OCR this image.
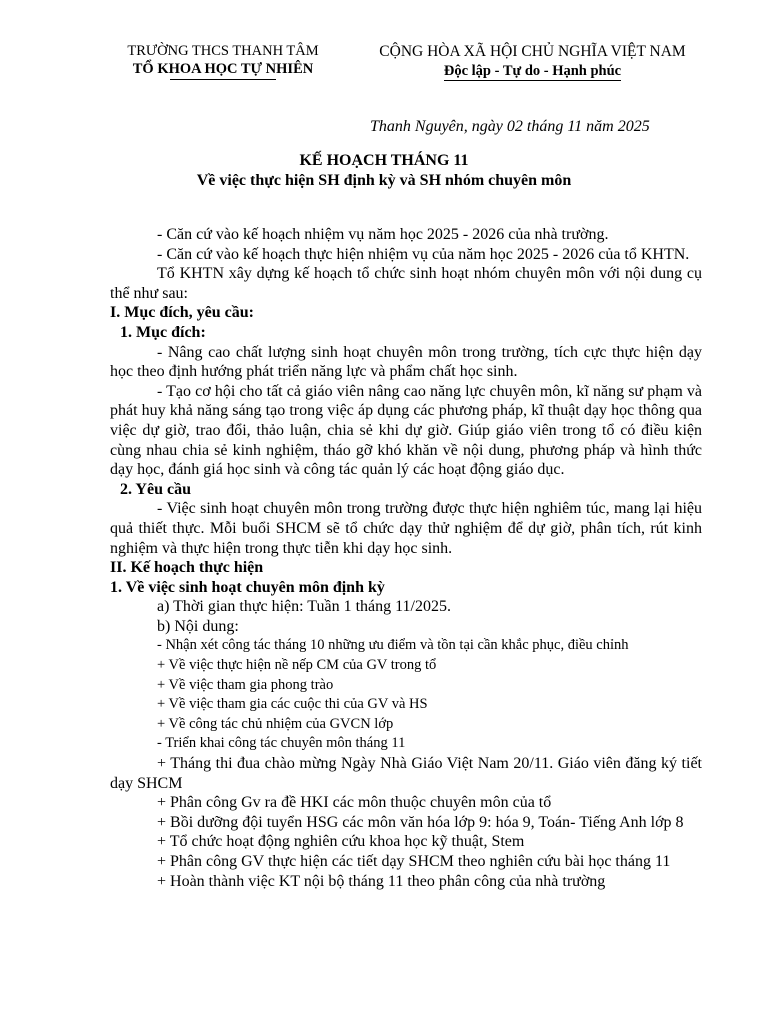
TRƯỜNG THCS THANH TÂM
TỔ KHOA HỌC TỰ NHIÊN
CỘNG HÒA XÃ HỘI CHỦ NGHĨA VIỆT NAM
Độc lập - Tự do - Hạnh phúc
Thanh Nguyên, ngày 02 tháng 11 năm 2025
KẾ HOẠCH THÁNG 11
Về việc thực hiện SH định kỳ và SH nhóm chuyên môn
- Căn cứ vào kế hoạch nhiệm vụ năm học 2025 - 2026 của nhà trường.
- Căn cứ vào kế hoạch thực hiện nhiệm vụ của năm học 2025 - 2026 của tổ KHTN.
Tổ KHTN xây dựng kế hoạch tổ chức sinh hoạt nhóm chuyên môn với nội dung cụ thể như sau:
I. Mục đích, yêu cầu:
1. Mục đích:
- Nâng cao chất lượng sinh hoạt chuyên môn trong trường, tích cực thực hiện dạy học theo định hướng phát triển năng lực và phẩm chất học sinh.
- Tạo cơ hội cho tất cả giáo viên nâng cao năng lực chuyên môn, kĩ năng sư phạm và phát huy khả năng sáng tạo trong việc áp dụng các phương pháp, kĩ thuật dạy học thông qua việc dự giờ, trao đổi, thảo luận, chia sẻ khi dự giờ. Giúp giáo viên trong tổ có điều kiện cùng nhau chia sẻ kinh nghiệm, tháo gỡ khó khăn về nội dung, phương pháp và hình thức dạy học, đánh giá học sinh và công tác quản lý các hoạt động giáo dục.
2. Yêu cầu
- Việc sinh hoạt chuyên môn trong trường được thực hiện nghiêm túc, mang lại hiệu quả thiết thực. Mỗi buổi SHCM sẽ tổ chức dạy thử nghiệm để dự giờ, phân tích, rút kinh nghiệm và thực hiện trong thực tiễn khi dạy học sinh.
II. Kế hoạch thực hiện
1. Về việc sinh hoạt chuyên môn định kỳ
a) Thời gian thực hiện: Tuần 1 tháng 11/2025.
b) Nội dung:
- Nhận xét công tác tháng 10 những ưu điểm và tồn tại cần khắc phục, điều chỉnh
+ Về việc thực hiện nề nếp CM của GV trong tổ
+ Về việc tham gia phong trào
+ Về việc tham gia các cuộc thi của GV và HS
+ Về công tác chủ nhiệm của GVCN lớp
- Triển khai công tác chuyên môn tháng 11
+ Tháng thi đua chào mừng Ngày Nhà Giáo Việt Nam 20/11. Giáo viên đăng ký tiết dạy SHCM
+ Phân công Gv ra đề HKI các môn thuộc chuyên môn của tổ
+ Bồi dưỡng đội tuyển HSG các môn văn hóa lớp 9: hóa 9, Toán- Tiếng Anh lớp 8
+ Tổ chức hoạt động nghiên cứu khoa học kỹ thuật, Stem
+ Phân công GV thực hiện các tiết dạy SHCM theo nghiên cứu bài học tháng 11
+ Hoàn thành việc KT nội bộ tháng 11 theo phân công của nhà trường
